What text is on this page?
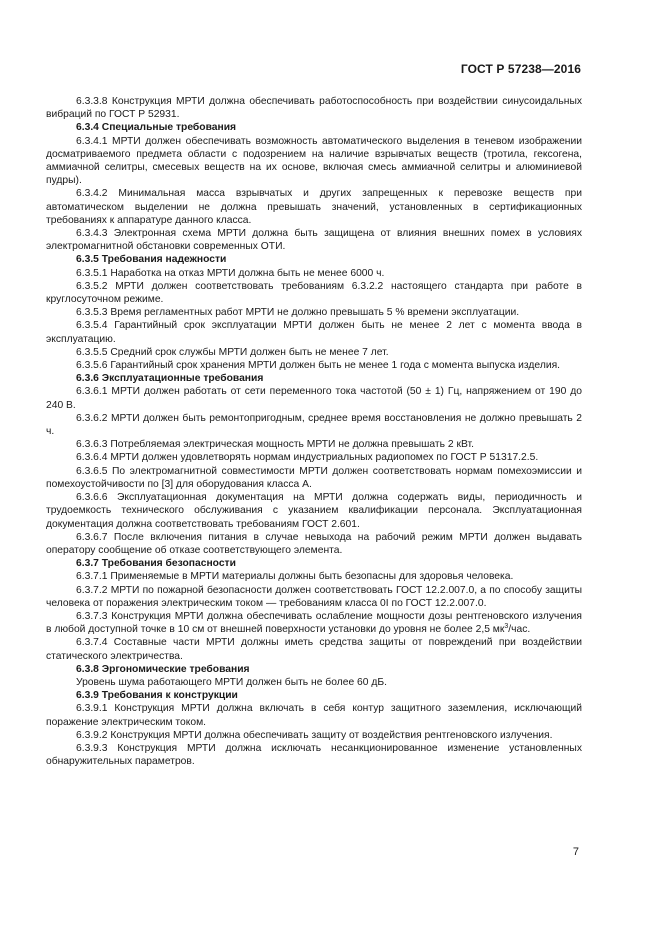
ГОСТ Р 57238—2016

6.3.3.8 Конструкция МРТИ должна обеспечивать работоспособность при воздействии синусоидальных вибраций по ГОСТ Р 52931.

6.3.4 Специальные требования

6.3.4.1 МРТИ должен обеспечивать возможность автоматического выделения в теневом изображении досматриваемого предмета области с подозрением на наличие взрывчатых веществ (тротила, гексогена, аммиачной селитры, смесевых веществ на их основе, включая смесь аммиачной селитры и алюминиевой пудры).

6.3.4.2 Минимальная масса взрывчатых и других запрещенных к перевозке веществ при автоматическом выделении не должна превышать значений, установленных в сертификационных требованиях к аппаратуре данного класса.

6.3.4.3 Электронная схема МРТИ должна быть защищена от влияния внешних помех в условиях электромагнитной обстановки современных ОТИ.

6.3.5 Требования надежности

6.3.5.1 Наработка на отказ МРТИ должна быть не менее 6000 ч.

6.3.5.2 МРТИ должен соответствовать требованиям 6.3.2.2 настоящего стандарта при работе в круглосуточном режиме.

6.3.5.3 Время регламентных работ МРТИ не должно превышать 5 % времени эксплуатации.

6.3.5.4 Гарантийный срок эксплуатации МРТИ должен быть не менее 2 лет с момента ввода в эксплуатацию.

6.3.5.5 Средний срок службы МРТИ должен быть не менее 7 лет.

6.3.5.6 Гарантийный срок хранения МРТИ должен быть не менее 1 года с момента выпуска изделия.

6.3.6 Эксплуатационные требования

6.3.6.1 МРТИ должен работать от сети переменного тока частотой (50 ± 1) Гц, напряжением от 190 до 240 В.

6.3.6.2 МРТИ должен быть ремонтопригодным, среднее время восстановления не должно превышать 2 ч.

6.3.6.3 Потребляемая электрическая мощность МРТИ не должна превышать 2 кВт.

6.3.6.4 МРТИ должен удовлетворять нормам индустриальных радиопомех по ГОСТ Р 51317.2.5.

6.3.6.5 По электромагнитной совместимости МРТИ должен соответствовать нормам помехоэмиссии и помехоустойчивости по [3] для оборудования класса А.

6.3.6.6 Эксплуатационная документация на МРТИ должна содержать виды, периодичность и трудоемкость технического обслуживания с указанием квалификации персонала. Эксплуатационная документация должна соответствовать требованиям ГОСТ 2.601.

6.3.6.7 После включения питания в случае невыхода на рабочий режим МРТИ должен выдавать оператору сообщение об отказе соответствующего элемента.

6.3.7 Требования безопасности

6.3.7.1 Применяемые в МРТИ материалы должны быть безопасны для здоровья человека.

6.3.7.2 МРТИ по пожарной безопасности должен соответствовать ГОСТ 12.2.007.0, а по способу защиты человека от поражения электрическим током — требованиям класса 0I по ГОСТ 12.2.007.0.

6.3.7.3 Конструкция МРТИ должна обеспечивать ослабление мощности дозы рентгеновского излучения в любой доступной точке в 10 см от внешней поверхности установки до уровня не более 2,5 $мк^3$/час.

6.3.7.4 Составные части МРТИ должны иметь средства защиты от повреждений при воздействии статического электричества.

6.3.8 Эргономические требования

Уровень шума работающего МРТИ должен быть не более 60 дБ.

6.3.9 Требования к конструкции

6.3.9.1 Конструкция МРТИ должна включать в себя контур защитного заземления, исключающий поражение электрическим током.

6.3.9.2 Конструкция МРТИ должна обеспечивать защиту от воздействия рентгеновского излучения.

6.3.9.3 Конструкция МРТИ должна исключать несанкционированное изменение установленных обнаружительных параметров.

7
